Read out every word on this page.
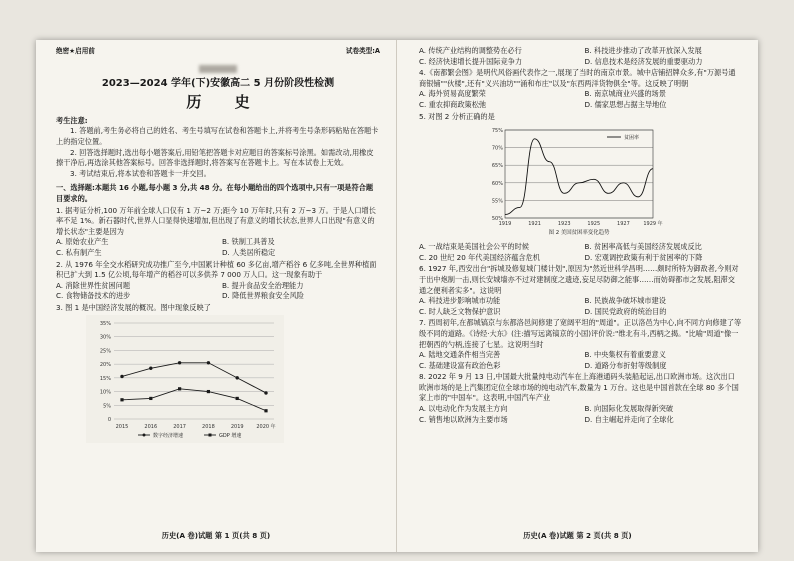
绝密★启用前	试卷类型:A
2023—2024 学年(下)安徽高二 5 月份阶段性检测
历 史
考生注意:

1. 答题前,考生务必将自己的姓名、考生号填写在试卷和答题卡上,并将考生号条形码粘贴在答题卡上的指定位置。

2. 回答选择题时,选出每小题答案后,用铅笔把答题卡对应题目的答案标号涂黑。如需改动,用橡皮擦干净后,再选涂其他答案标号。回答非选择题时,将答案写在答题卡上。写在本试卷上无效。

3. 考试结束后,将本试卷和答题卡一并交回。

一、选择题:本题共 16 小题,每小题 3 分,共 48 分。在每小题给出的四个选项中,只有一项是符合题目要求的。

1. 据考证分析,100 万年前全球人口仅有 1 万~2 万;距今 10 万年时,只有 2 万~3 万。于是人口增长率不足 1%。新石器时代,世界人口显得快速增加,但出现了有意义的增长状态,世界人口出现"有意义的增长状态"主要是因为

A. 原始农业产生	B. 铁制工具普及
C. 私有制产生	D. 人类居所稳定

2. 从 1976 年全交水稻研究成功推广至今,中国累计种植 60 多亿亩,增产稻谷 6 亿多吨,全世界种植面积已扩大到 1.5 亿公顷,每年增产的稻谷可以多供养 7 000 万人口。这一现象有助于

A. 消除世界性贫困问题	B. 提升食品安全治理能力
C. 食物储备技术的进步	D. 降低世界粮食安全风险

3. 图 1 是中国经济发展的概况。图中现象反映了

0
5%
10%
15%
20%
25%
30%
35%
2015	2016	2017	2018	2019	2020 年
数字经济增速	GDP 增速
历史(A 卷)试题 第 1 页(共 8 页)
A. 传统产业结构的调整势在必行	B. 科技进步推动了改革开放深入发展
C. 经济快速增长提升国际竞争力	D. 信息技术是经济发展的重要驱动力

4.《南都繁会图》是明代风俗画代表作之一,展现了当时的南京市景。城中店铺招牌众多,有"万源号通商银铺""伙楼",还有"义兴油坊""涌和布庄"以及"东西两洋货物俱全"等。这反映了明朝

A. 海外贸易高度繁荣	B. 南京城商业兴盛的场景
C. 重农抑商政策松弛	D. 儒家思想占据主导地位

5. 对图 2 分析正确的是

50%
55%
60%
65%
70%
75%
1919	1921	1923	1925	1927	1929 年
贫困率
图 2 美国贫困率变化趋势
A. 一战结束是美国社会公平的时候	B. 贫困率高低与美国经济发展成反比
C. 20 世纪 20 年代美国经济蕴含危机	D. 宏观调控政策有利于贫困率的下降

6. 1927 年,西安出台"拆城及修复城门楼计划",原因为"然近世科学昌明……颇时所特为御敌者,今则对于出中炮制一击,则长安城墙亦不过对建制度之遗迹,妄足尽防御之能事……而妨碍都市之发展,阻滞交通之便利者实多"。这说明

A. 科技进步影响城市功能	B. 民族战争破坏城市建设
C. 时人缺乏文物保护意识	D. 国民党政府的统治目的

7. 西周初年,在都城镐京与东都洛邑间修建了宽阔平坦的"周道"。正以洛邑为中心,向不同方向修建了等级不同的道路。《诗经·大东》(注:描写远离镐京的小国)评价说:"维北有斗,西柄之揭。"比喻"周道"像一把朝西的勺柄,连接了七星。这说明当时

A. 陆地交通条件相当完善	B. 中央集权有着重要意义
C. 基础建设富有政治色彩	D. 道路分布折射等级制度

8. 2022 年 9 月 13 日,中国最大批量纯电动汽车在上海港通码头装船起运,出口欧洲市场。这次出口欧洲市场的是上汽集团定位全球市场的纯电动汽车,数量为 1 万台。这也是中国首款在全球 80 多个国家上市的"中国车"。这表明,中国汽车产业

A. 以电动化作为发展主方向	B. 向国际化发展取得新突破
C. 销售地以欧洲为主要市场	D. 自主崛起并走向了全球化
历史(A 卷)试题 第 2 页(共 8 页)
